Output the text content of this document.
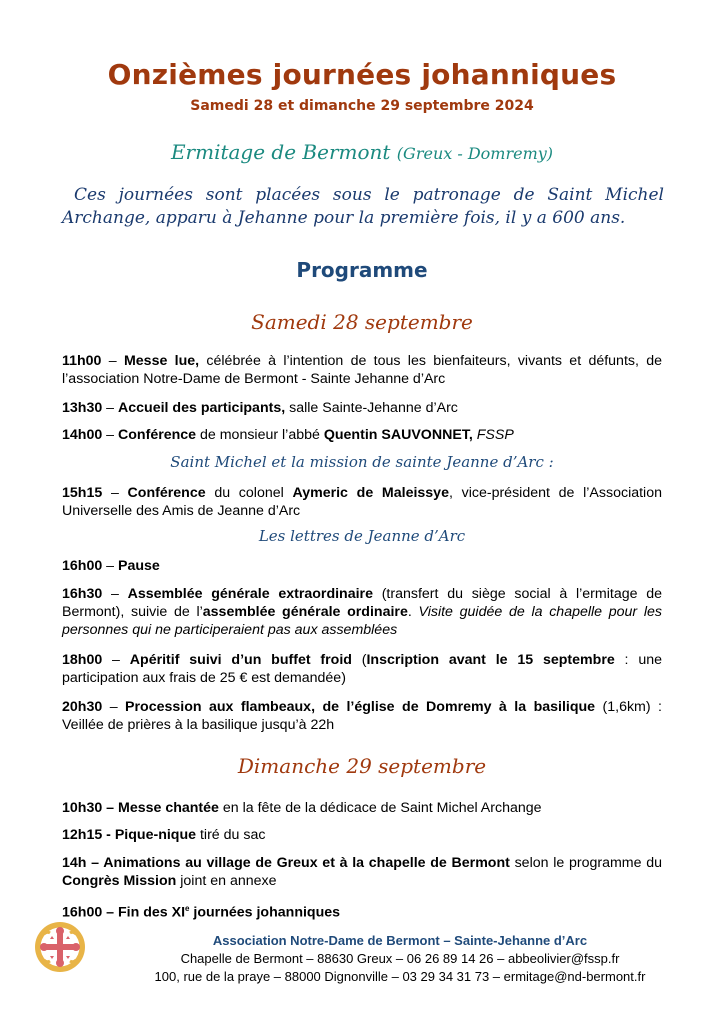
Onzièmes journées johanniques
Samedi 28 et dimanche 29 septembre 2024
Ermitage de Bermont (Greux - Domremy)

Ces journées sont placées sous le patronage de Saint Michel

Archange, apparu à Jehanne pour la première fois, il y a 600 ans.

Programme
Samedi 28 septembre
11h00 – Messe lue, célébrée à l’intention de tous les bienfaiteurs, vivants et défunts, de l’association Notre-Dame de Bermont - Sainte Jehanne d’Arc
13h30 – Accueil des participants, salle Sainte-Jehanne d’Arc
14h00 – Conférence de monsieur l’abbé Quentin SAUVONNET, FSSP
Saint Michel et la mission de sainte Jeanne d’Arc :
15h15 – Conférence du colonel Aymeric de Maleissye, vice-président de l’Association Universelle des Amis de Jeanne d’Arc
Les lettres de Jeanne d’Arc
16h00 – Pause
16h30 – Assemblée générale extraordinaire (transfert du siège social à l’ermitage de Bermont), suivie de l’assemblée générale ordinaire. Visite guidée de la chapelle pour les personnes qui ne participeraient pas aux assemblées
18h00 – Apéritif suivi d’un buffet froid (Inscription avant le 15 septembre : une participation aux frais de 25 € est demandée)
20h30 – Procession aux flambeaux, de l’église de Domremy à la basilique (1,6km) : Veillée de prières à la basilique jusqu’à 22h
Dimanche 29 septembre
10h30 – Messe chantée en la fête de la dédicace de Saint Michel Archange
12h15 - Pique-nique tiré du sac
14h – Animations au village de Greux et à la chapelle de Bermont selon le programme du Congrès Mission joint en annexe
16h00 – Fin des XIe journées johanniques
Association Notre-Dame de Bermont – Sainte-Jehanne d’Arc
Chapelle de Bermont – 88630 Greux – 06 26 89 14 26 – abbeolivier@fssp.fr
100, rue de la praye – 88000 Dignonville – 03 29 34 31 73 – ermitage@nd-bermont.fr
